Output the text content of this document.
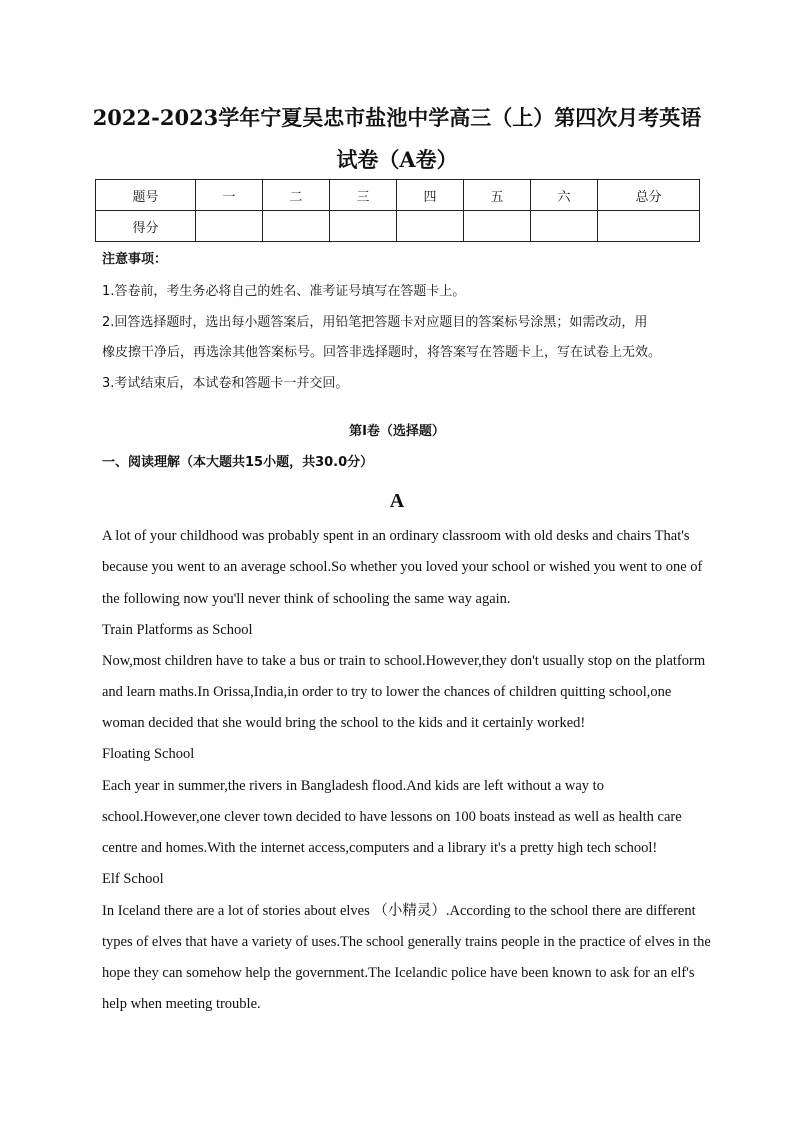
2022-2023学年宁夏吴忠市盐池中学高三（上）第四次月考英语
试卷（A卷）
题号	一	二	三	四	五	六	总分
得分							
注意事项：
1.答卷前，考生务必将自己的姓名、准考证号填写在答题卡上。
2.回答选择题时，选出每小题答案后，用铅笔把答题卡对应题目的答案标号涂黑；如需改动，用
橡皮擦干净后，再选涂其他答案标号。回答非选择题时，将答案写在答题卡上，写在试卷上无效。
3.考试结束后，本试卷和答题卡一并交回。
第I卷（选择题）
一、阅读理解（本大题共15小题，共30.0分）
A
A lot of your childhood was probably spent in an ordinary classroom with old desks and chairs That's
because you went to an average school.So whether you loved your school or wished you went to one of
the following now you'll never think of schooling the same way again.
Train Platforms as School
Now,most children have to take a bus or train to school.However,they don't usually stop on the platform
and learn maths.In Orissa,India,in order to try to lower the chances of children quitting school,one
woman decided that she would bring the school to the kids and it certainly worked!
Floating School
Each year in summer,the rivers in Bangladesh flood.And kids are left without a way to
school.However,one clever town decided to have lessons on 100 boats instead as well as health care
centre and homes.With the internet access,computers and a library it's a pretty high tech school!
Elf School
In Iceland there are a lot of stories about elves （小精灵）.According to the school there are different
types of elves that have a variety of uses.The school generally trains people in the practice of elves in the
hope they can somehow help the government.The Icelandic police have been known to ask for an elf's
help when meeting trouble.
